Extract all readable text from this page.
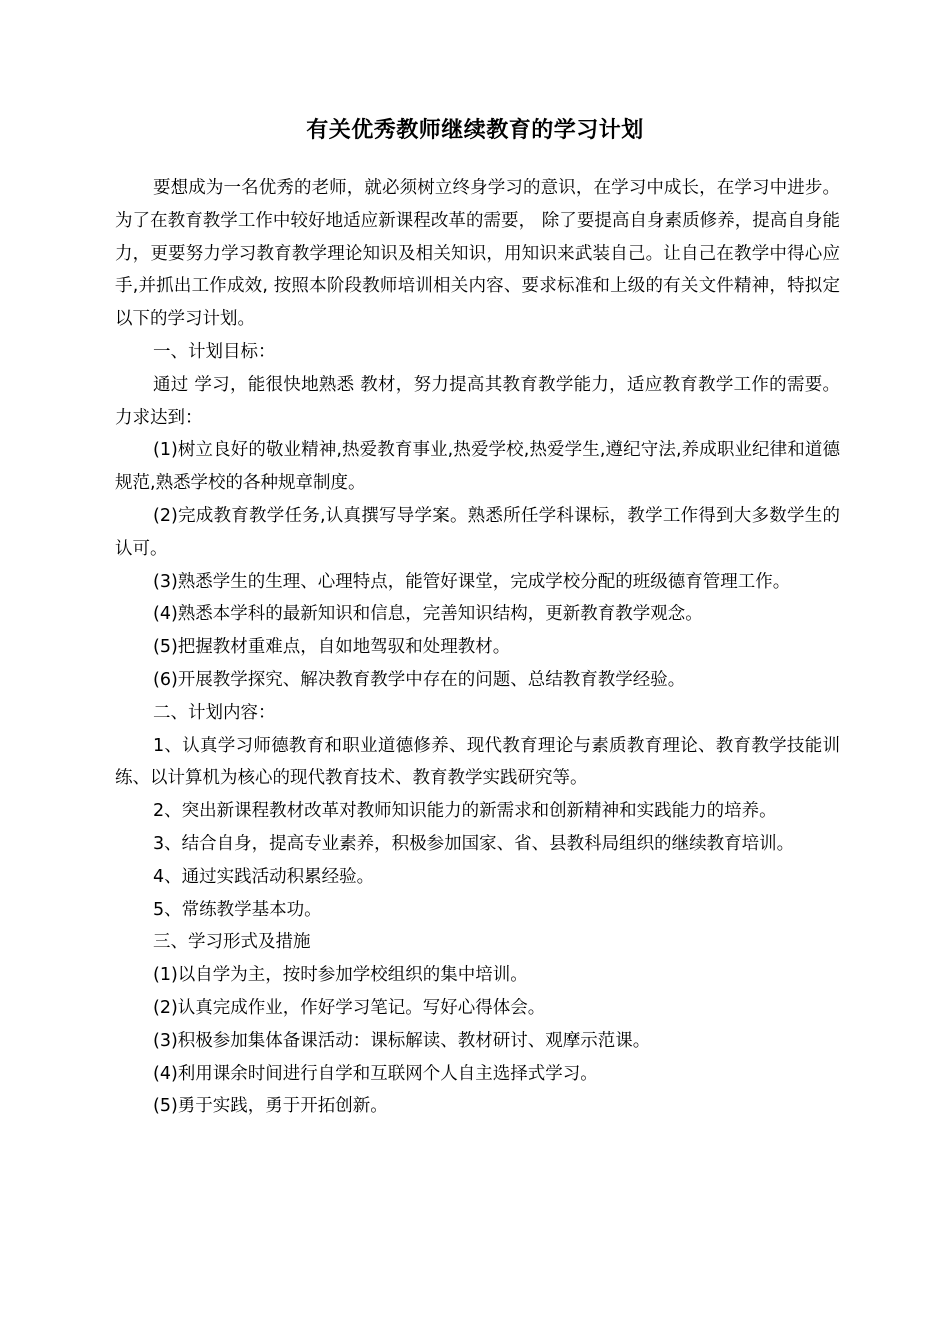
有关优秀教师继续教育的学习计划

要想成为一名优秀的老师，就必须树立终身学习的意识，在学习中成长，在学习中进步。为了在教育教学工作中较好地适应新课程改革的需要， 除了要提高自身素质修养，提高自身能力，更要努力学习教育教学理论知识及相关知识，用知识来武装自己。让自己在教学中得心应手,并抓出工作成效, 按照本阶段教师培训相关内容、要求标准和上级的有关文件精神，特拟定以下的学习计划。

一、计划目标：

通过 学习，能很快地熟悉 教材，努力提高其教育教学能力，适应教育教学工作的需要。力求达到：

(1)树立良好的敬业精神,热爱教育事业,热爱学校,热爱学生,遵纪守法,养成职业纪律和道德规范,熟悉学校的各种规章制度。

(2)完成教育教学任务,认真撰写导学案。熟悉所任学科课标，教学工作得到大多数学生的认可。

(3)熟悉学生的生理、心理特点，能管好课堂，完成学校分配的班级德育管理工作。

(4)熟悉本学科的最新知识和信息，完善知识结构，更新教育教学观念。

(5)把握教材重难点，自如地驾驭和处理教材。

(6)开展教学探究、解决教育教学中存在的问题、总结教育教学经验。

二、计划内容：

1、认真学习师德教育和职业道德修养、现代教育理论与素质教育理论、教育教学技能训练、以计算机为核心的现代教育技术、教育教学实践研究等。

2、突出新课程教材改革对教师知识能力的新需求和创新精神和实践能力的培养。

3、结合自身，提高专业素养，积极参加国家、省、县教科局组织的继续教育培训。

4、通过实践活动积累经验。

5、常练教学基本功。

三、学习形式及措施

(1)以自学为主，按时参加学校组织的集中培训。

(2)认真完成作业，作好学习笔记。写好心得体会。

(3)积极参加集体备课活动：课标解读、教材研讨、观摩示范课。

(4)利用课余时间进行自学和互联网个人自主选择式学习。

(5)勇于实践，勇于开拓创新。
